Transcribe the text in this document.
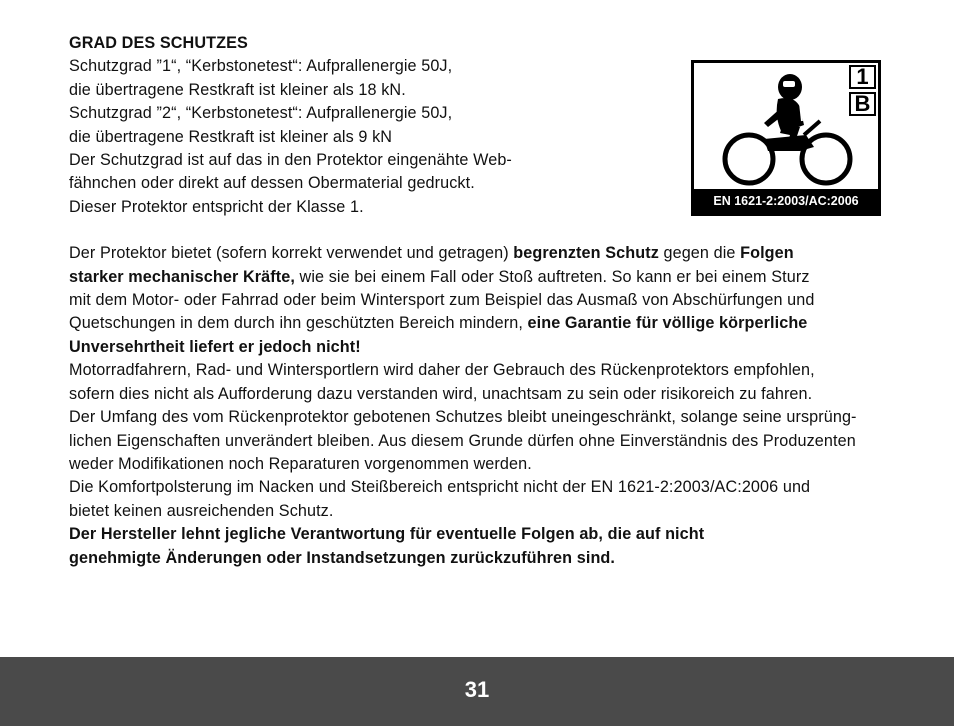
GRAD DES SCHUTZES
Schutzgrad ”1“, “Kerbstonetest“: Aufprallenergie 50J,
die übertragene Restkraft ist kleiner als 18 kN.
Schutzgrad ”2“, “Kerbstonetest“: Aufprallenergie 50J,
die übertragene Restkraft ist kleiner als 9 kN
Der Schutzgrad ist auf das in den Protektor eingenähte Web-
fähnchen oder direkt auf dessen Obermaterial gedruckt.
Dieser Protektor entspricht der Klasse 1.
Der Protektor bietet (sofern korrekt verwendet und getragen) begrenzten Schutz gegen die Folgen
starker mechanischer Kräfte, wie sie bei einem Fall oder Stoß auftreten. So kann er bei einem Sturz
mit dem Motor- oder Fahrrad oder beim Wintersport zum Beispiel das Ausmaß von Abschürfungen und
Quetschungen in dem durch ihn geschützten Bereich mindern, eine Garantie für völlige körperliche
Unversehrtheit liefert er jedoch nicht!
Motorradfahrern, Rad- und Wintersportlern wird daher der Gebrauch des Rückenprotektors empfohlen,
sofern dies nicht als Aufforderung dazu verstanden wird, unachtsam zu sein oder risikoreich zu fahren.
Der Umfang des vom Rückenprotektor gebotenen Schutzes bleibt uneingeschränkt, solange seine ursprüng-
lichen Eigenschaften unverändert bleiben. Aus diesem Grunde dürfen ohne Einverständnis des Produzenten
weder Modifikationen noch Reparaturen vorgenommen werden.
Die Komfortpolsterung im Nacken und Steißbereich entspricht nicht der EN 1621-2:2003/AC:2006 und
bietet keinen ausreichenden Schutz.
Der Hersteller lehnt jegliche Verantwortung für eventuelle Folgen ab, die auf nicht
genehmigte Änderungen oder Instandsetzungen zurückzuführen sind.
1
B
EN 1621-2:2003/AC:2006
31
